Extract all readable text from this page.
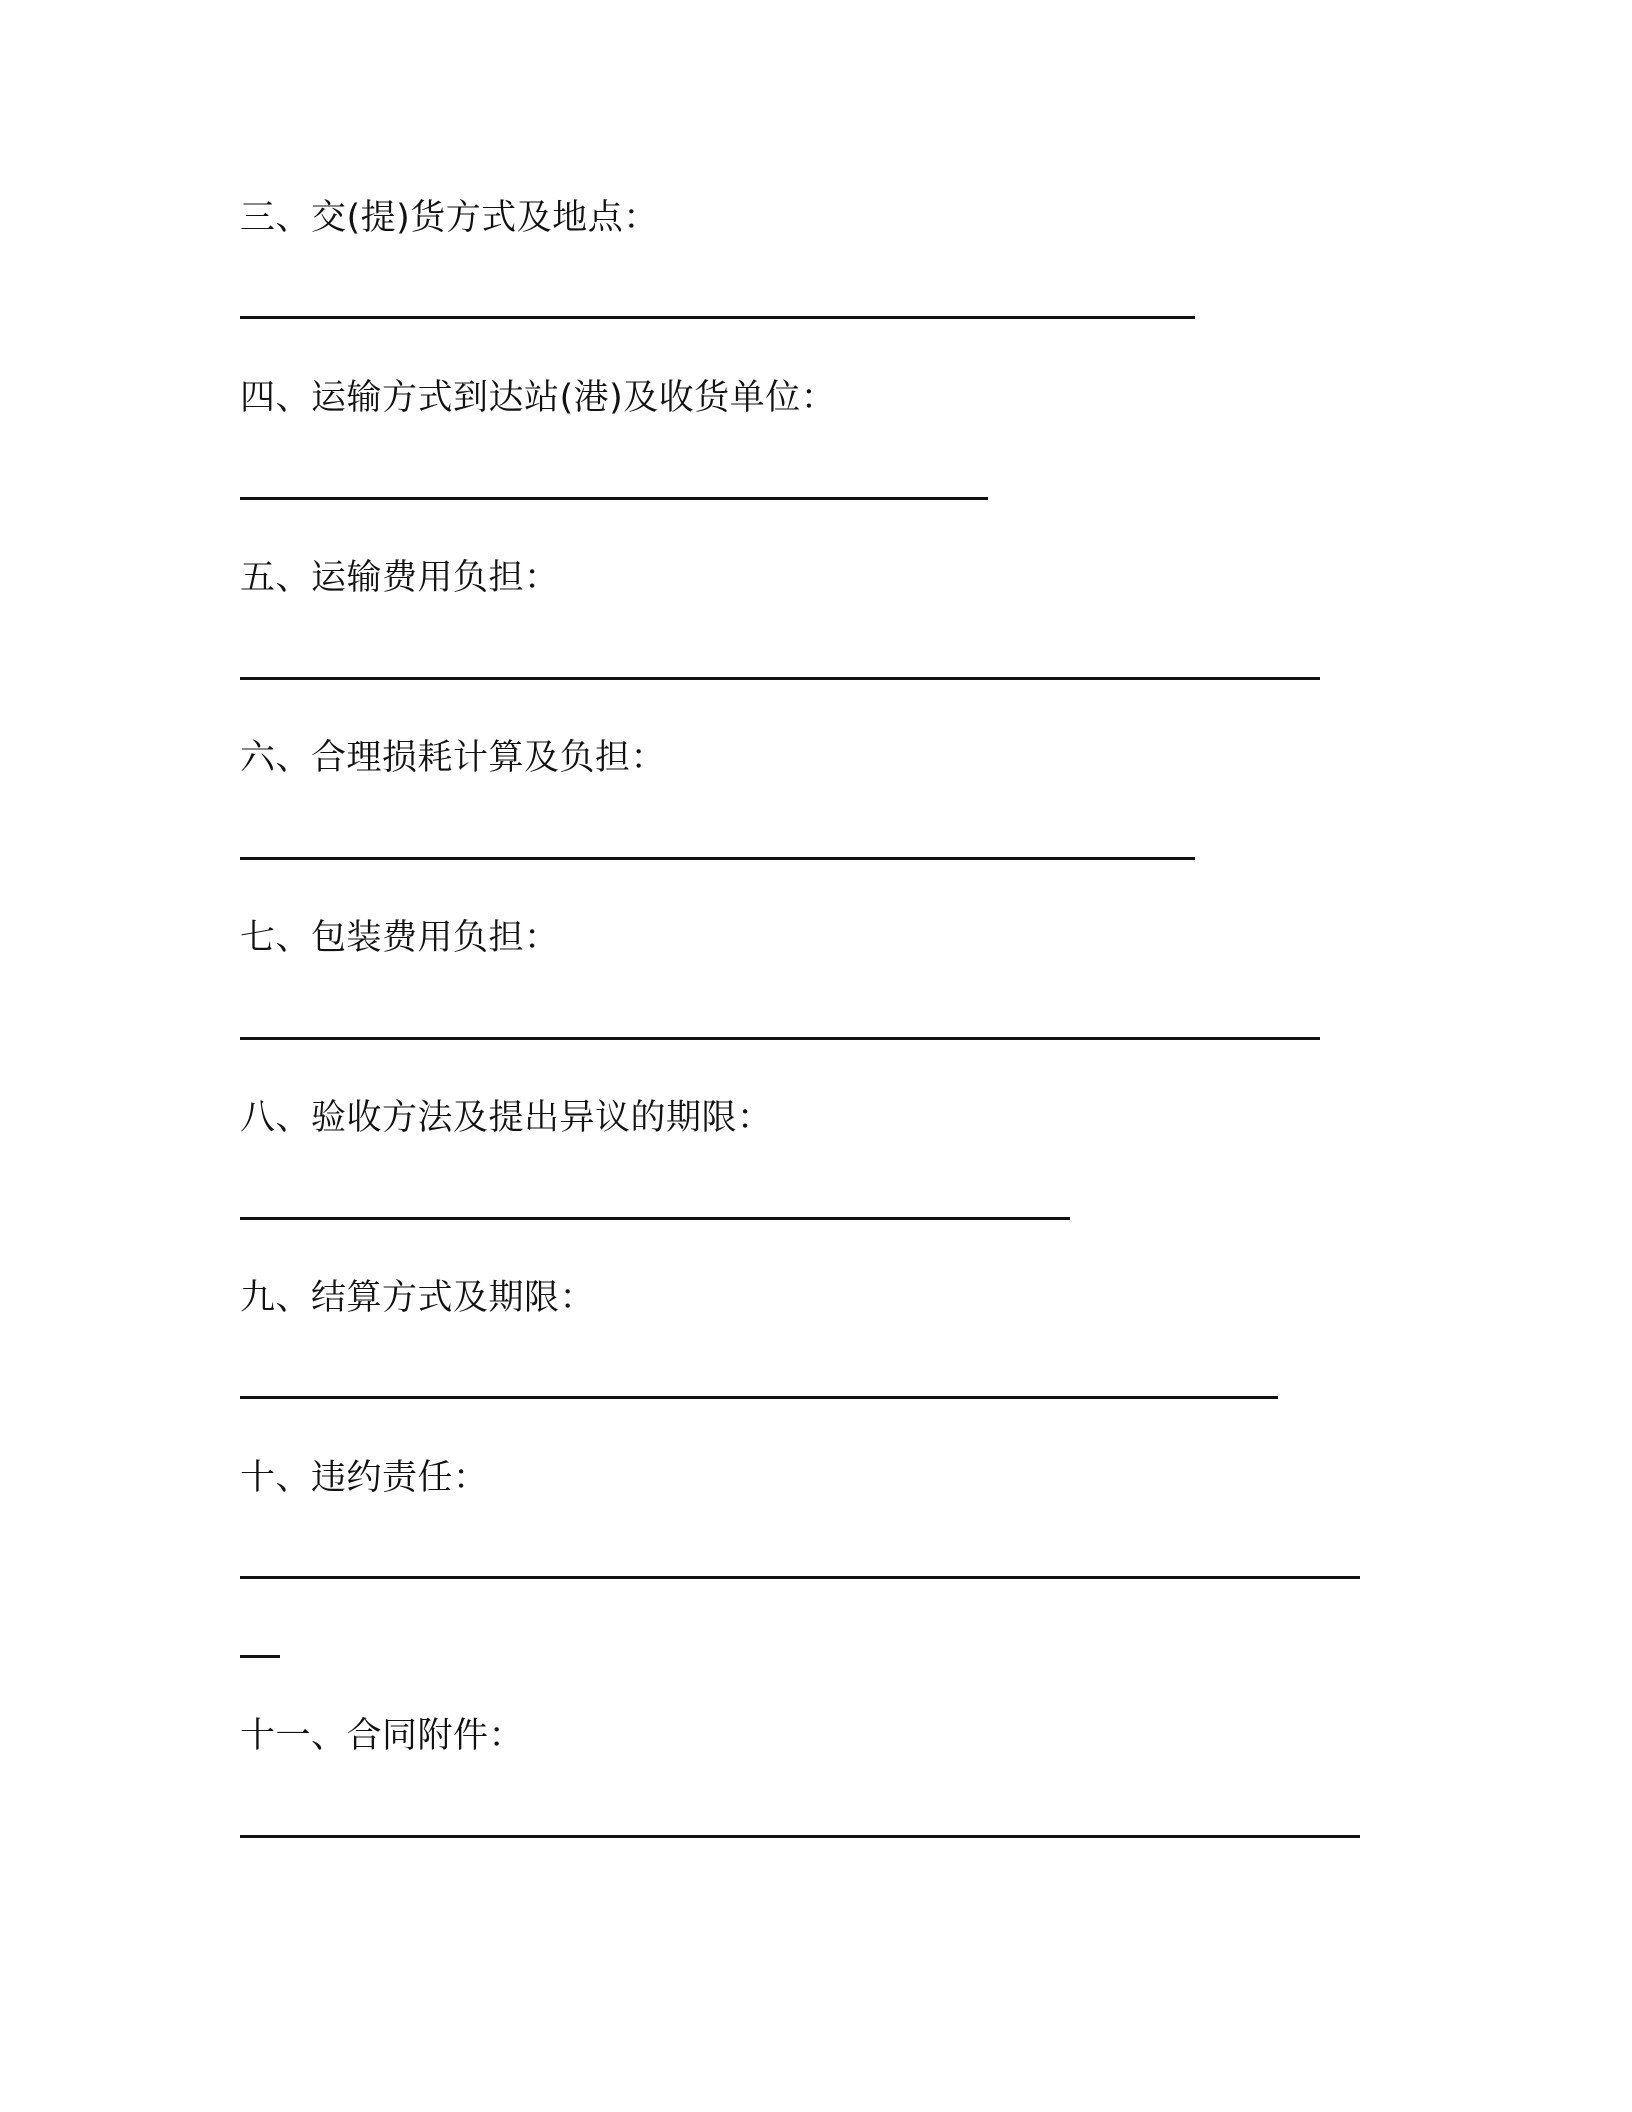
三、交(提)货方式及地点：
四、运输方式到达站(港)及收货单位：
五、运输费用负担：
六、合理损耗计算及负担：
七、包装费用负担：
八、验收方法及提出异议的期限：
九、结算方式及期限：
十、违约责任：
十一、合同附件：
